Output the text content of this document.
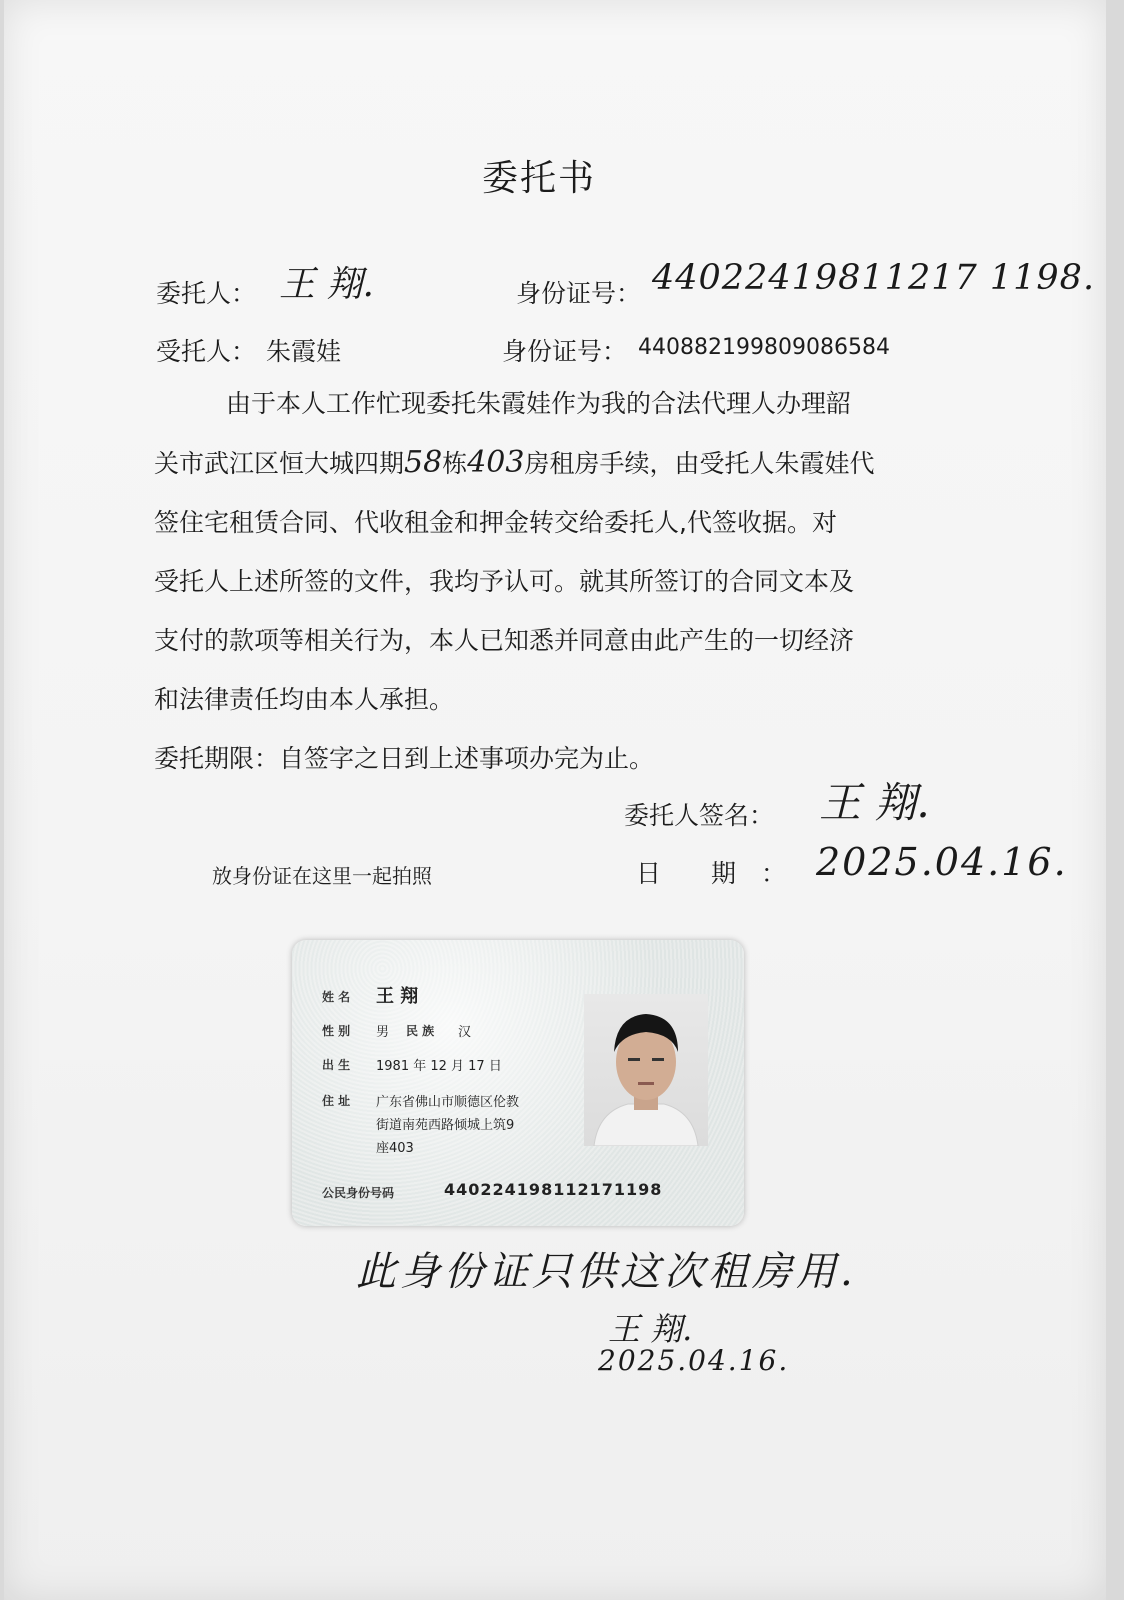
委托书
委托人： 王 翔.	身份证号： 44022419811217 1198.
受托人： 朱霞娃	身份证号： 440882199809086584
由于本人工作忙现委托朱霞娃作为我的合法代理人办理韶
关市武江区恒大城四期58栋403房租房手续，由受托人朱霞娃代
签住宅租赁合同、代收租金和押金转交给委托人,代签收据。对
受托人上述所签的文件，我均予认可。就其所签订的合同文本及
支付的款项等相关行为，本人已知悉并同意由此产生的一切经济
和法律责任均由本人承担。
委托期限：自签字之日到上述事项办完为止。
委托人签名： 王 翔.
放身份证在这里一起拍照	日　　期　： 2025.04.16.
姓 名 王 翔
性 别 男 民 族 汉
出 生 1981 年 12 月 17 日
住 址 广东省佛山市顺德区伦教
街道南苑西路倾城上筑9
座403
公民身份号码	440224198112171198
此身份证只供这次租房用.
王 翔.
2025.04.16.
